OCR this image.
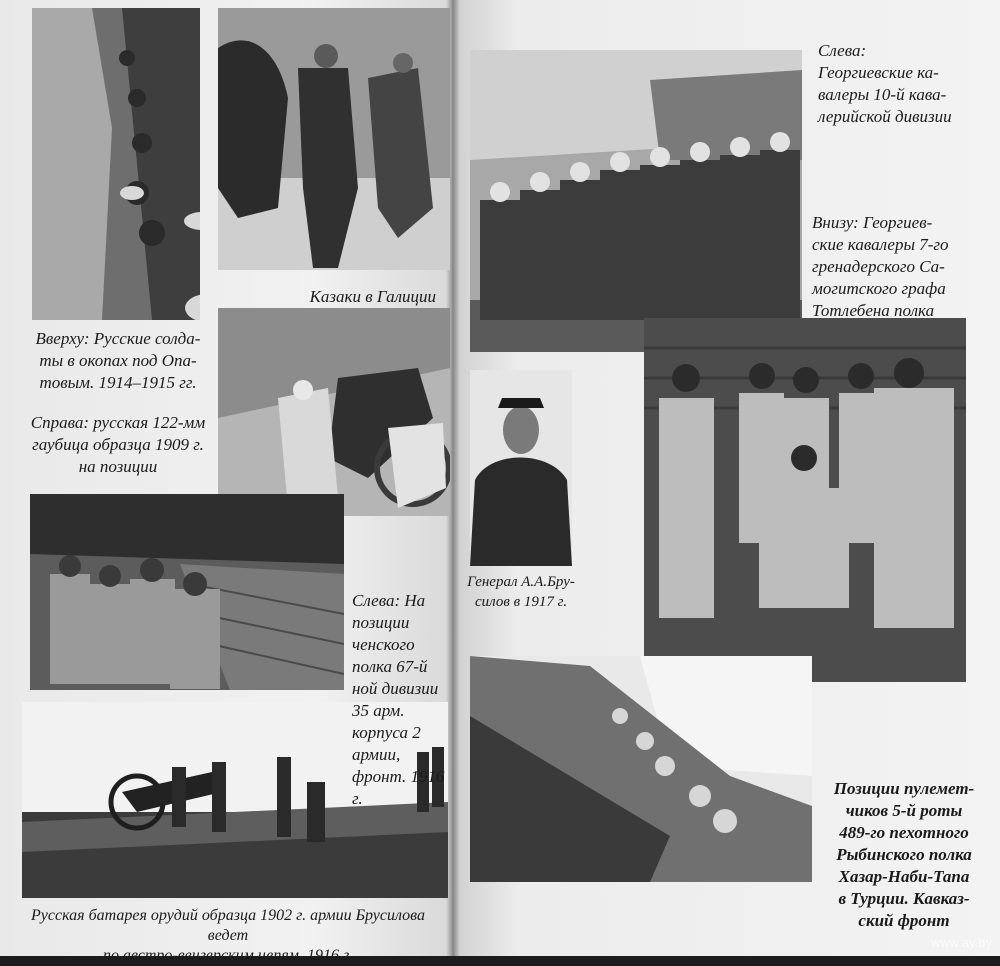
Казаки в Галиции
Вверху: Русские солда-
ты в окопах под Опа-
товым. 1914–1915 гг.
Справа: русская 122-мм
гаубица образца 1909 г.
на позиции
Слева: На позиции
ченского полка 67-й
ной дивизии 35 арм.
корпуса 2 армии,
фронт. 1916 г.
Русская батарея орудий образца 1902 г. армии Брусилова ведет
по австро-венгерским цепям. 1916 г.
Слева:
Георгиевские ка-
валеры 10-й кава-
лерийской дивизии
Внизу: Георгиев-
ские кавалеры 7-го
гренадерского Са-
могитского графа
Тотлебена полка
Генерал А.А.Бру-
силов в 1917 г.
Позиции пулемет-
чиков 5-й роты
489-го пехотного
Рыбинского полка
Хазар-Наби-Тапа
в Турции. Кавказ-
ский фронт
www.ay.by
